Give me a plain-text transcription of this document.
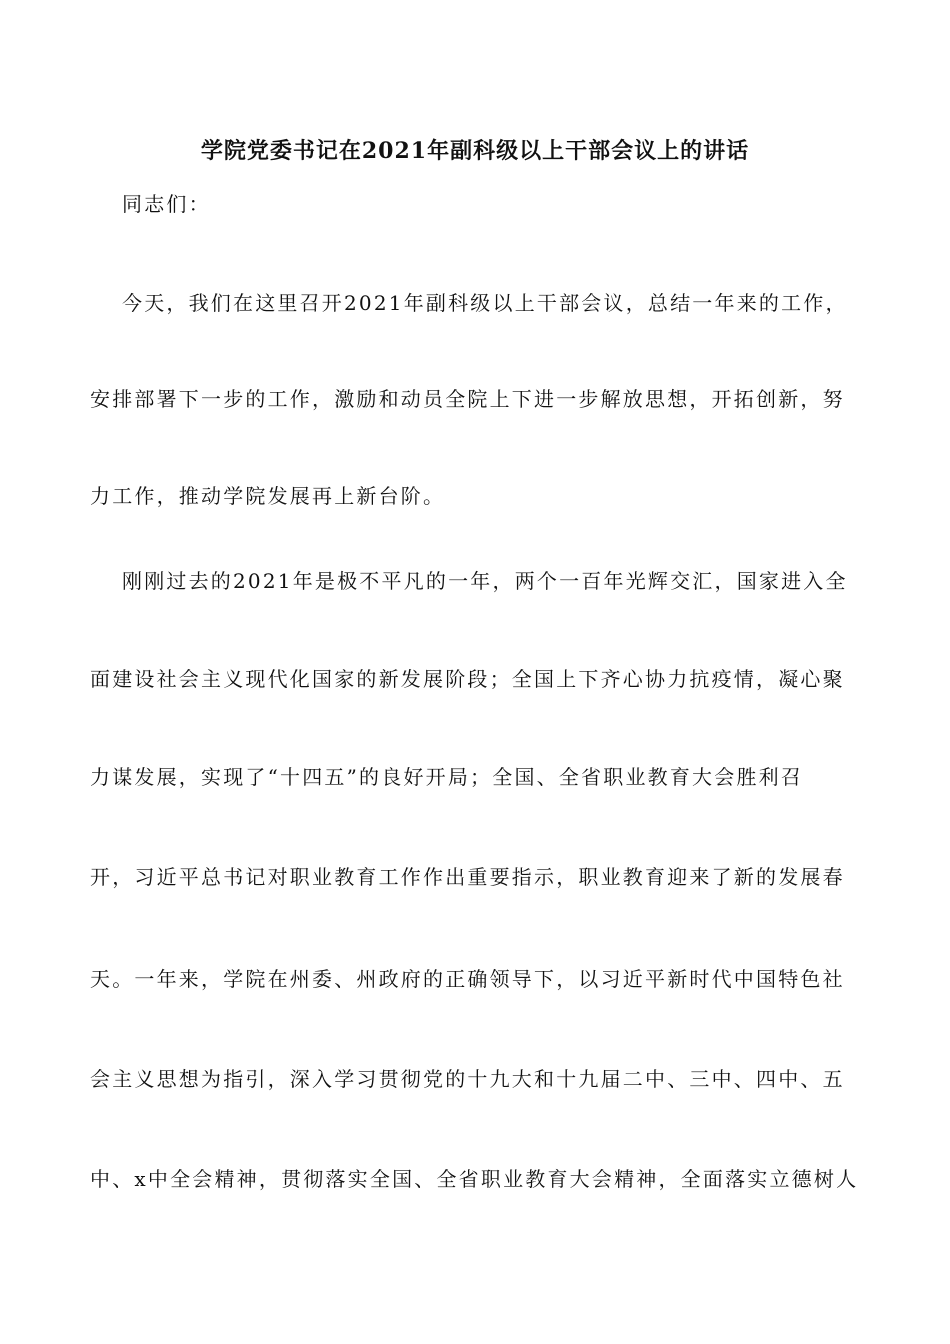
学院党委书记在2021年副科级以上干部会议上的讲话
同志们：
今天，我们在这里召开2021年副科级以上干部会议，总结一年来的工作，
安排部署下一步的工作，激励和动员全院上下进一步解放思想，开拓创新，努
力工作，推动学院发展再上新台阶。
刚刚过去的2021年是极不平凡的一年，两个一百年光辉交汇，国家进入全
面建设社会主义现代化国家的新发展阶段；全国上下齐心协力抗疫情，凝心聚
力谋发展，实现了“十四五”的良好开局；全国、全省职业教育大会胜利召
开，习近平总书记对职业教育工作作出重要指示，职业教育迎来了新的发展春
天。一年来，学院在州委、州政府的正确领导下，以习近平新时代中国特色社
会主义思想为指引，深入学习贯彻党的十九大和十九届二中、三中、四中、五
中、x中全会精神，贯彻落实全国、全省职业教育大会精神，全面落实立德树人
